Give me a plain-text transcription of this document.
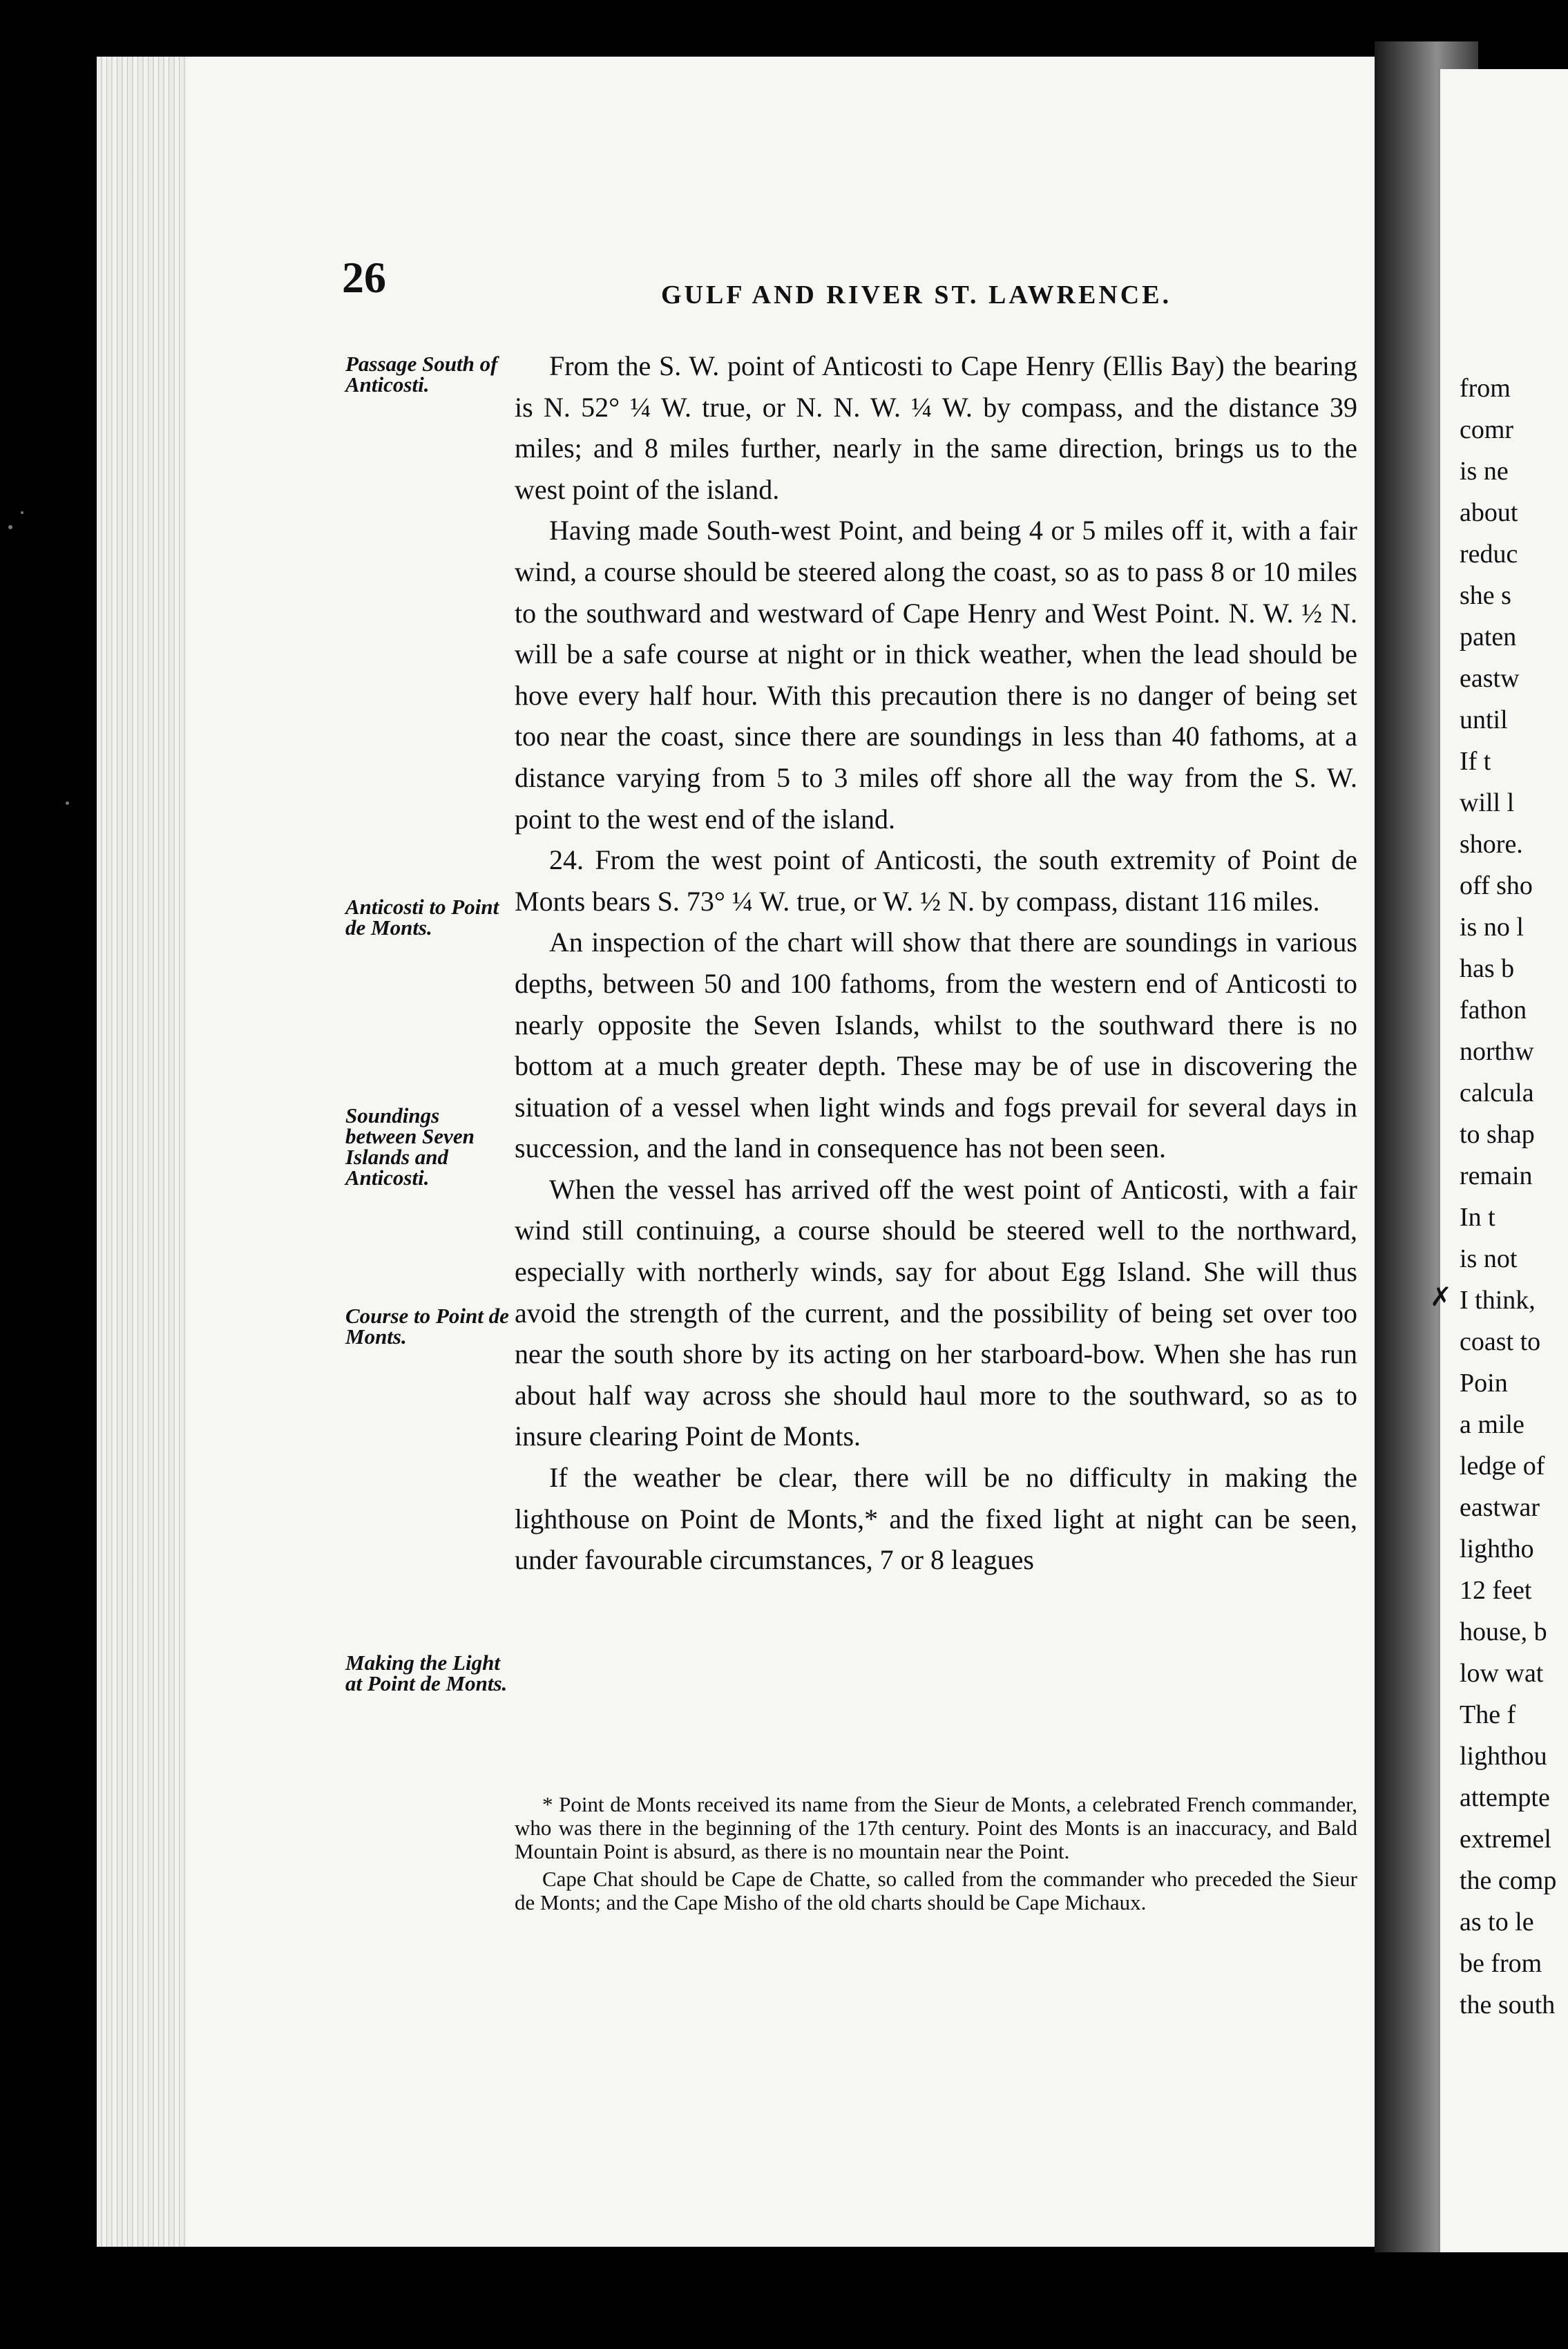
from
comr
is ne
about
reduc
she s
paten
eastw
until
If t
will l
shore.
off sho
is no l
has b
fathon
northw
calcula
to shap
remain
In t
is not
I think,
coast to
Poin
a mile
ledge of
eastwar
lightho
12 feet
house, b
low wat
The f
lighthou
attempte
extremel
the comp
as to le
be from
the south
✗
26	GULF AND RIVER ST. LAWRENCE.
Passage South of Anticosti.
Anticosti to Point de Monts.
Soundings between Seven Islands and Anticosti.
Course to Point de Monts.
Making the Light at Point de Monts.

From the S. W. point of Anticosti to Cape Henry (Ellis Bay) the bearing is N. 52° ¼ W. true, or N. N. W. ¼ W. by compass, and the distance 39 miles; and 8 miles further, nearly in the same direction, brings us to the west point of the island.

Having made South-west Point, and being 4 or 5 miles off it, with a fair wind, a course should be steered along the coast, so as to pass 8 or 10 miles to the southward and westward of Cape Henry and West Point. N. W. ½ N. will be a safe course at night or in thick weather, when the lead should be hove every half hour. With this precaution there is no danger of being set too near the coast, since there are soundings in less than 40 fathoms, at a distance varying from 5 to 3 miles off shore all the way from the S. W. point to the west end of the island.

24. From the west point of Anticosti, the south extremity of Point de Monts bears S. 73° ¼ W. true, or W. ½ N. by compass, distant 116 miles.

An inspection of the chart will show that there are soundings in various depths, between 50 and 100 fathoms, from the western end of Anticosti to nearly opposite the Seven Islands, whilst to the southward there is no bottom at a much greater depth. These may be of use in discovering the situation of a vessel when light winds and fogs prevail for several days in succession, and the land in consequence has not been seen.

When the vessel has arrived off the west point of Anticosti, with a fair wind still continuing, a course should be steered well to the northward, especially with northerly winds, say for about Egg Island. She will thus avoid the strength of the current, and the possibility of being set over too near the south shore by its acting on her starboard-bow. When she has run about half way across she should haul more to the southward, so as to insure clearing Point de Monts.

If the weather be clear, there will be no difficulty in making the lighthouse on Point de Monts,* and the fixed light at night can be seen, under favourable circumstances, 7 or 8 leagues

* Point de Monts received its name from the Sieur de Monts, a celebrated French commander, who was there in the beginning of the 17th century. Point des Monts is an inaccuracy, and Bald Mountain Point is absurd, as there is no mountain near the Point.

Cape Chat should be Cape de Chatte, so called from the commander who preceded the Sieur de Monts; and the Cape Misho of the old charts should be Cape Michaux.
